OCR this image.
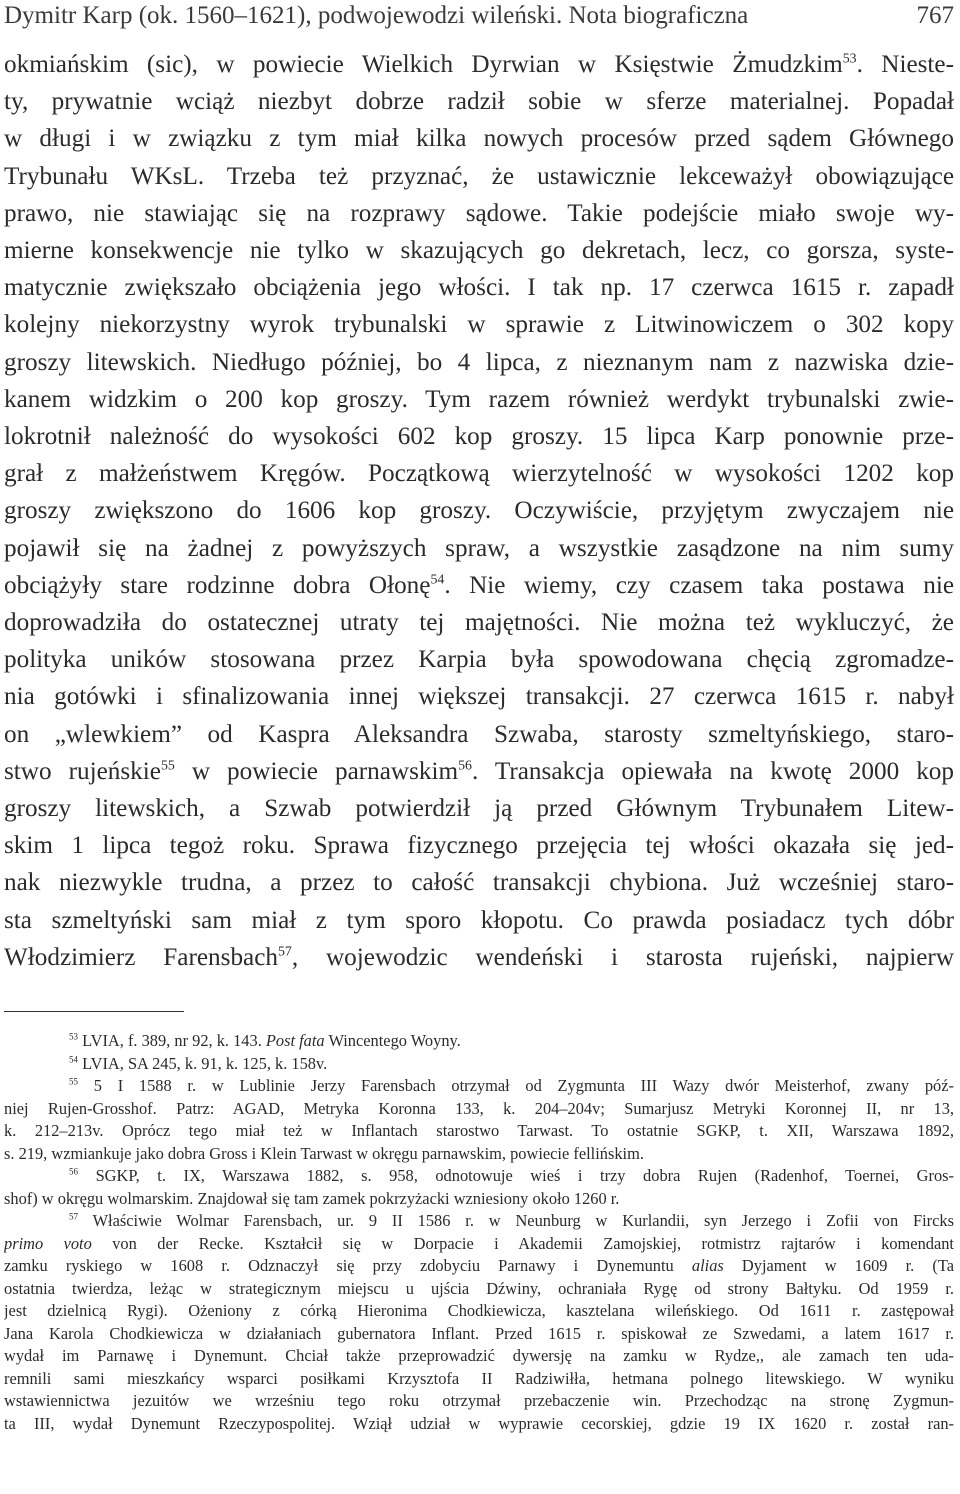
Dymitr Karp (ok. 1560–1621), podwojewodzi wileński. Nota biograficzna	767
okmiańskim (sic), w powiecie Wielkich Dyrwian w Księstwie Żmudzkim$^{53}$. Nieste-
ty, prywatnie wciąż niezbyt dobrze radził sobie w sferze materialnej. Popadał
w długi i w związku z tym miał kilka nowych procesów przed sądem Głównego
Trybunału WKsL. Trzeba też przyznać, że ustawicznie lekceważył obowiązujące
prawo, nie stawiając się na rozprawy sądowe. Takie podejście miało swoje wy-
mierne konsekwencje nie tylko w skazujących go dekretach, lecz, co gorsza, syste-
matycznie zwiększało obciążenia jego włości. I tak np. 17 czerwca 1615 r. zapadł
kolejny niekorzystny wyrok trybunalski w sprawie z Litwinowiczem o 302 kopy
groszy litewskich. Niedługo później, bo 4 lipca, z nieznanym nam z nazwiska dzie-
kanem widzkim o 200 kop groszy. Tym razem również werdykt trybunalski zwie-
lokrotnił należność do wysokości 602 kop groszy. 15 lipca Karp ponownie prze-
grał z małżeństwem Kręgów. Początkową wierzytelność w wysokości 1202 kop
groszy zwiększono do 1606 kop groszy. Oczywiście, przyjętym zwyczajem nie
pojawił się na żadnej z powyższych spraw, a wszystkie zasądzone na nim sumy
obciążyły stare rodzinne dobra Ołonę$^{54}$. Nie wiemy, czy czasem taka postawa nie
doprowadziła do ostatecznej utraty tej majętności. Nie można też wykluczyć, że
polityka uników stosowana przez Karpia była spowodowana chęcią zgromadze-
nia gotówki i sfinalizowania innej większej transakcji. 27 czerwca 1615 r. nabył
on „wlewkiem” od Kaspra Aleksandra Szwaba, starosty szmeltyńskiego, staro-
stwo rujeńskie$^{55}$ w powiecie parnawskim$^{56}$. Transakcja opiewała na kwotę 2000 kop
groszy litewskich, a Szwab potwierdził ją przed Głównym Trybunałem Litew-
skim 1 lipca tegoż roku. Sprawa fizycznego przejęcia tej włości okazała się jed-
nak niezwykle trudna, a przez to całość transakcji chybiona. Już wcześniej staro-
sta szmeltyński sam miał z tym sporo kłopotu. Co prawda posiadacz tych dóbr
Włodzimierz Farensbach$^{57}$, wojewodzic wendeński i starosta rujeński, najpierw
$^{53}$ LVIA, f. 389, nr 92, k. 143. Post fata Wincentego Woyny.
$^{54}$ LVIA, SA 245, k. 91, k. 125, k. 158v.
$^{55}$ 5 I 1588 r. w Lublinie Jerzy Farensbach otrzymał od Zygmunta III Wazy dwór Meisterhof, zwany póź-
niej Rujen-Grosshof. Patrz: AGAD, Metryka Koronna 133, k. 204–204v; Sumarjusz Metryki Koronnej II, nr 13,
k. 212–213v. Oprócz tego miał też w Inflantach starostwo Tarwast. To ostatnie SGKP, t. XII, Warszawa 1892,
s. 219, wzmiankuje jako dobra Gross i Klein Tarwast w okręgu parnawskim, powiecie fellińskim.
$^{56}$ SGKP, t. IX, Warszawa 1882, s. 958, odnotowuje wieś i trzy dobra Rujen (Radenhof, Toernei, Gros-
shof) w okręgu wolmarskim. Znajdował się tam zamek pokrzyżacki wzniesiony około 1260 r.
$^{57}$ Właściwie Wolmar Farensbach, ur. 9 II 1586 r. w Neunburg w Kurlandii, syn Jerzego i Zofii von Fircks
primo voto von der Recke. Kształcił się w Dorpacie i Akademii Zamojskiej, rotmistrz rajtarów i komendant
zamku ryskiego w 1608 r. Odznaczył się przy zdobyciu Parnawy i Dynemuntu alias Dyjament w 1609 r. (Ta
ostatnia twierdza, leżąc w strategicznym miejscu u ujścia Dźwiny, ochraniała Rygę od strony Bałtyku. Od 1959 r.
jest dzielnicą Rygi). Ożeniony z córką Hieronima Chodkiewicza, kasztelana wileńskiego. Od 1611 r. zastępował
Jana Karola Chodkiewicza w działaniach gubernatora Inflant. Przed 1615 r. spiskował ze Szwedami, a latem 1617 r.
wydał im Parnawę i Dynemunt. Chciał także przeprowadzić dywersję na zamku w Rydze,, ale zamach ten uda-
remnili sami mieszkańcy wsparci posiłkami Krzysztofa II Radziwiłła, hetmana polnego litewskiego. W wyniku
wstawiennictwa jezuitów we wrześniu tego roku otrzymał przebaczenie win. Przechodząc na stronę Zygmun-
ta III, wydał Dynemunt Rzeczypospolitej. Wziął udział w wyprawie cecorskiej, gdzie 19 IX 1620 r. został ran-
